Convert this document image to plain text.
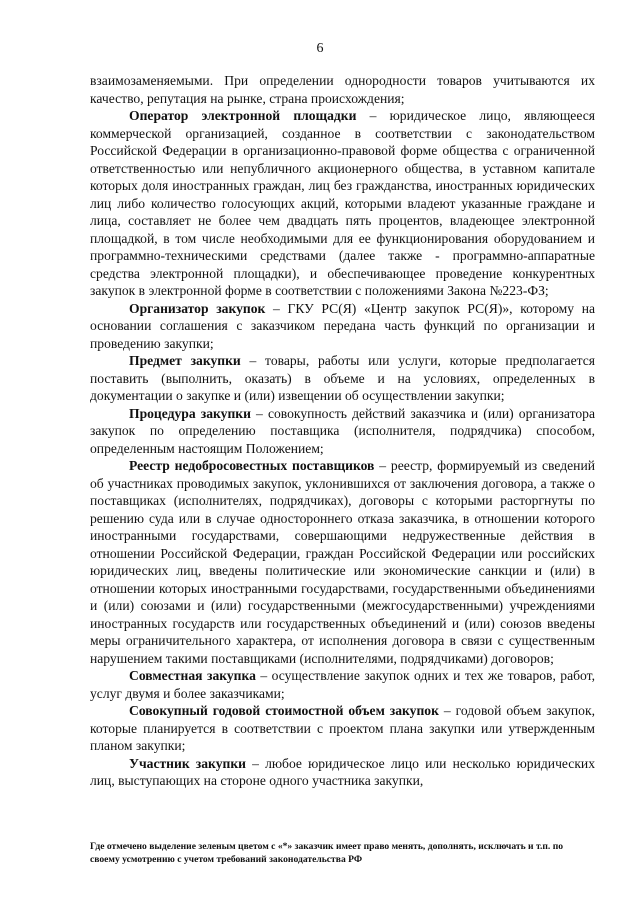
6

взаимозаменяемыми. При определении однородности товаров учитываются их качество, репутация на рынке, страна происхождения;

Оператор электронной площадки – юридическое лицо, являющееся коммерческой организацией, созданное в соответствии с законодательством Российской Федерации в организационно-правовой форме общества с ограниченной ответственностью или непубличного акционерного общества, в уставном капитале которых доля иностранных граждан, лиц без гражданства, иностранных юридических лиц либо количество голосующих акций, которыми владеют указанные граждане и лица, составляет не более чем двадцать пять процентов, владеющее электронной площадкой, в том числе необходимыми для ее функционирования оборудованием и программно-техническими средствами (далее также - программно-аппаратные средства электронной площадки), и обеспечивающее проведение конкурентных закупок в электронной форме в соответствии с положениями Закона №223-ФЗ;

Организатор закупок – ГКУ РС(Я) «Центр закупок РС(Я)», которому на основании соглашения с заказчиком передана часть функций по организации и проведению закупки;

Предмет закупки – товары, работы или услуги, которые предполагается поставить (выполнить, оказать) в объеме и на условиях, определенных в документации о закупке и (или) извещении об осуществлении закупки;

Процедура закупки – совокупность действий заказчика и (или) организатора закупок по определению поставщика (исполнителя, подрядчика) способом, определенным настоящим Положением;

Реестр недобросовестных поставщиков – реестр, формируемый из сведений об участниках проводимых закупок, уклонившихся от заключения договора, а также о поставщиках (исполнителях, подрядчиках), договоры с которыми расторгнуты по решению суда или в случае одностороннего отказа заказчика, в отношении которого иностранными государствами, совершающими недружественные действия в отношении Российской Федерации, граждан Российской Федерации или российских юридических лиц, введены политические или экономические санкции и (или) в отношении которых иностранными государствами, государственными объединениями и (или) союзами и (или) государственными (межгосударственными) учреждениями иностранных государств или государственных объединений и (или) союзов введены меры ограничительного характера, от исполнения договора в связи с существенным нарушением такими поставщиками (исполнителями, подрядчиками) договоров;

Совместная закупка – осуществление закупок одних и тех же товаров, работ, услуг двумя и более заказчиками;

Совокупный годовой стоимостной объем закупок – годовой объем закупок, которые планируется в соответствии с проектом плана закупки или утвержденным планом закупки;

Участник закупки – любое юридическое лицо или несколько юридических лиц, выступающих на стороне одного участника закупки,

Где отмечено выделение зеленым цветом с «*» заказчик имеет право менять, дополнять, исключать и т.п. по своему усмотрению с учетом требований законодательства РФ
